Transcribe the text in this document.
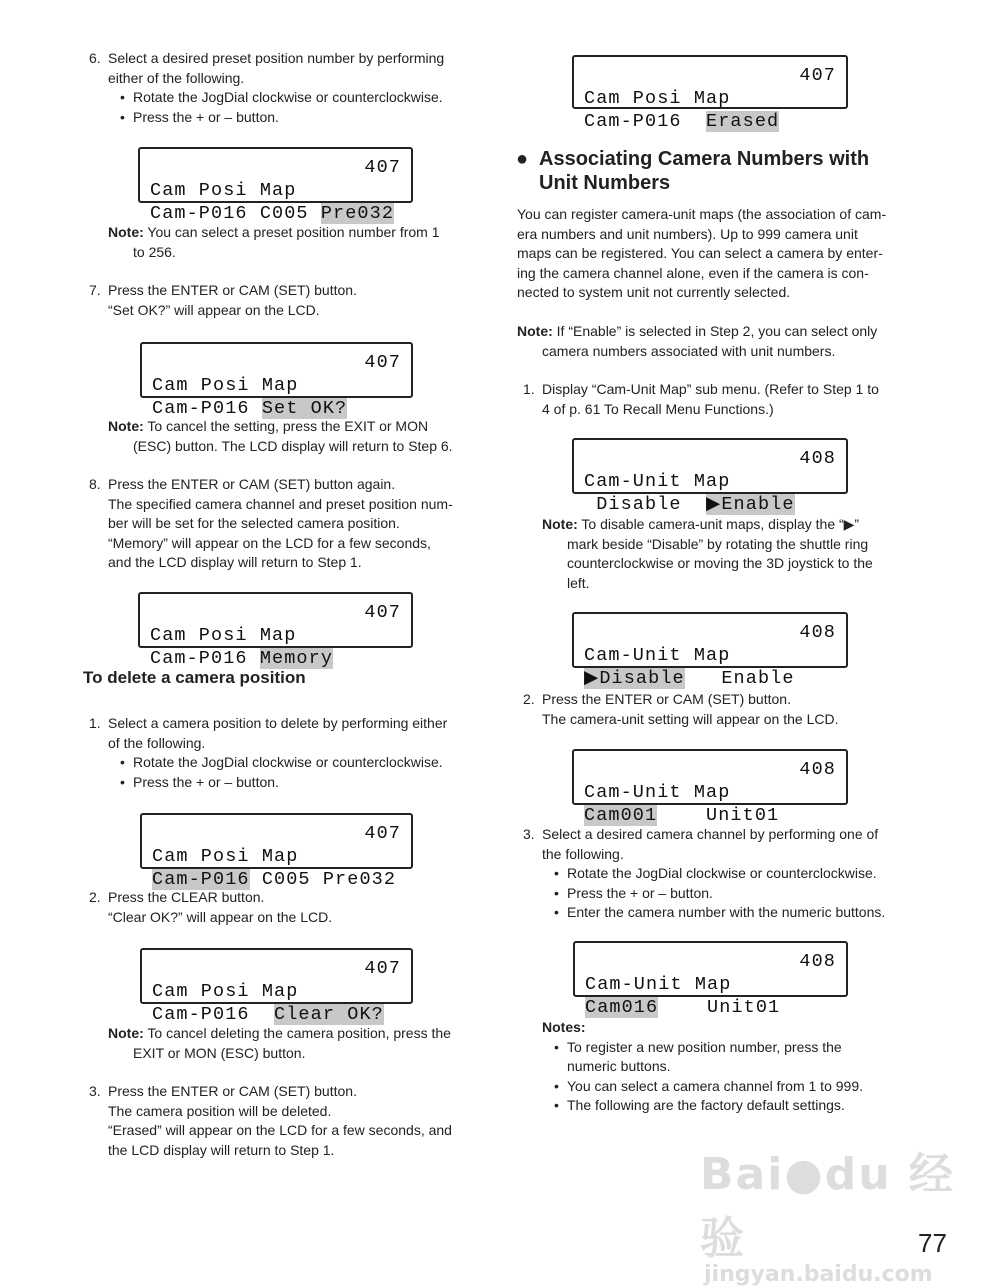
6. Select a desired preset position number by performing

either of the following.

• Rotate the JogDial clockwise or counterclockwise.

• Press the + or – button.

Cam Posi Map
407

Cam-P016 C005 Pre032

Note: You can select a preset position number from 1

to 256.

7. Press the ENTER or CAM (SET) button.

“Set OK?” will appear on the LCD.

Cam Posi Map
407

Cam-P016 Set OK?

Note: To cancel the setting, press the EXIT or MON

(ESC) button. The LCD display will return to Step 6.

8. Press the ENTER or CAM (SET) button again.

The specified camera channel and preset position num-

ber will be set for the selected camera position.

“Memory” will appear on the LCD for a few seconds,

and the LCD display will return to Step 1.

Cam Posi Map
407

Cam-P016 Memory
To delete a camera position
1. Select a camera position to delete by performing either

of the following.

• Rotate the JogDial clockwise or counterclockwise.

• Press the + or – button.

Cam Posi Map
407

Cam-P016 C005 Pre032
2. Press the CLEAR button.

“Clear OK?” will appear on the LCD.

Cam Posi Map
407

Cam-P016  Clear OK?

Note: To cancel deleting the camera position, press the

EXIT or MON (ESC) button.

3. Press the ENTER or CAM (SET) button.

The camera position will be deleted.

“Erased” will appear on the LCD for a few seconds, and

the LCD display will return to Step 1.

Cam Posi Map
407

Cam-P016  Erased
● Associating Camera Numbers with
Unit Numbers

You can register camera-unit maps (the association of cam-

era numbers and unit numbers). Up to 999 camera unit

maps can be registered. You can select a camera by enter-

ing the camera channel alone, even if the camera is con-

nected to system unit not currently selected.

Note: If “Enable” is selected in Step 2, you can select only

camera numbers associated with unit numbers.

1. Display “Cam-Unit Map” sub menu. (Refer to Step 1 to

4 of p. 61 To Recall Menu Functions.)

Cam-Unit Map
408

Disable  ▶Enable

Note: To disable camera-unit maps, display the “▶”

mark beside “Disable” by rotating the shuttle ring

counterclockwise or moving the 3D joystick to the

left.

Cam-Unit Map
408

▶Disable   Enable
2. Press the ENTER or CAM (SET) button.

The camera-unit setting will appear on the LCD.

Cam-Unit Map
408

Cam001    Unit01
3. Select a desired camera channel by performing one of

the following.

• Rotate the JogDial clockwise or counterclockwise.

• Press the + or – button.

• Enter the camera number with the numeric buttons.

Cam-Unit Map
408

Cam016    Unit01

Notes:

• To register a new position number, press the

numeric buttons.

• You can select a camera channel from 1 to 999.

• The following are the factory default settings.

Bai●du 经验
jingyan.baidu.com
77
